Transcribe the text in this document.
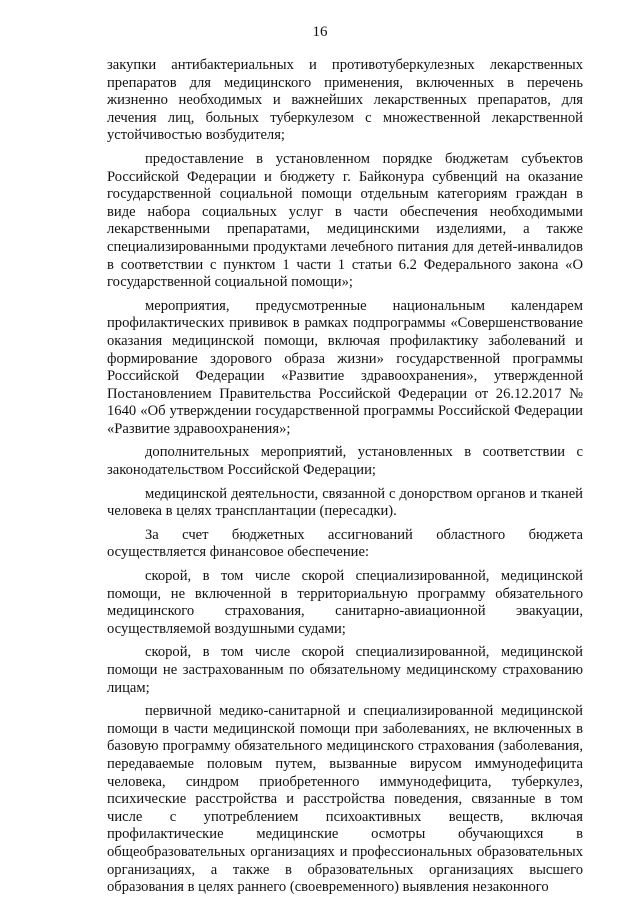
16

закупки антибактериальных и противотуберкулезных лекарственных препаратов для медицинского применения, включенных в перечень жизненно необходимых и важнейших лекарственных препаратов, для лечения лиц, больных туберкулезом с множественной лекарственной устойчивостью возбудителя;

предоставление в установленном порядке бюджетам субъектов Российской Федерации и бюджету г. Байконура субвенций на оказание государственной социальной помощи отдельным категориям граждан в виде набора социальных услуг в части обеспечения необходимыми лекарственными препаратами, медицинскими изделиями, а также специализированными продуктами лечебного питания для детей-инвалидов в соответствии с пунктом 1 части 1 статьи 6.2 Федерального закона «О государственной социальной помощи»;

мероприятия, предусмотренные национальным календарем профилактических прививок в рамках подпрограммы «Совершенствование оказания медицинской помощи, включая профилактику заболеваний и формирование здорового образа жизни» государственной программы Российской Федерации «Развитие здравоохранения», утвержденной Постановлением Правительства Российской Федерации от 26.12.2017 № 1640 «Об утверждении государственной программы Российской Федерации «Развитие здравоохранения»;

дополнительных мероприятий, установленных в соответствии с законодательством Российской Федерации;

медицинской деятельности, связанной с донорством органов и тканей человека в целях трансплантации (пересадки).

За счет бюджетных ассигнований областного бюджета осуществляется финансовое обеспечение:

скорой, в том числе скорой специализированной, медицинской помощи, не включенной в территориальную программу обязательного медицинского страхования, санитарно-авиационной эвакуации, осуществляемой воздушными судами;

скорой, в том числе скорой специализированной, медицинской помощи не застрахованным по обязательному медицинскому страхованию лицам;

первичной медико-санитарной и специализированной медицинской помощи в части медицинской помощи при заболеваниях, не включенных в базовую программу обязательного медицинского страхования (заболевания, передаваемые половым путем, вызванные вирусом иммунодефицита человека, синдром приобретенного иммунодефицита, туберкулез, психические расстройства и расстройства поведения, связанные в том числе с употреблением психоактивных веществ, включая профилактические медицинские осмотры обучающихся в общеобразовательных организациях и профессиональных образовательных организациях, а также в образовательных организациях высшего образования в целях раннего (своевременного) выявления незаконного
